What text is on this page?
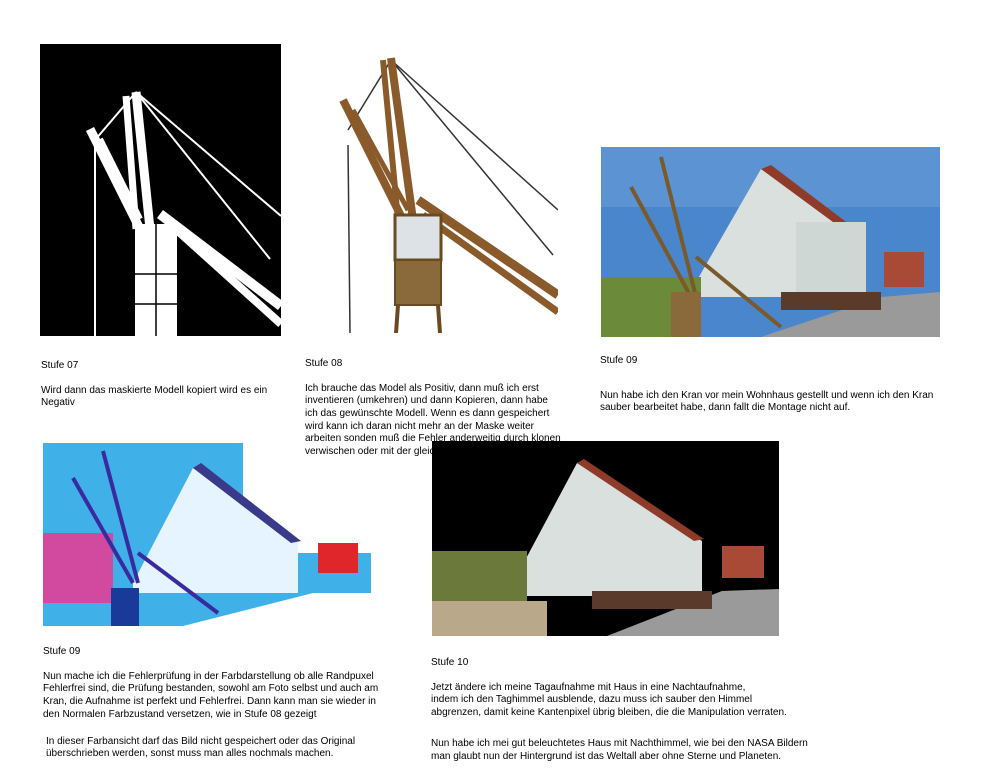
Stufe 07

Wird dann das maskierte Modell kopiert wird es ein
Negativ

Stufe 08

Ich brauche das Model als Positiv, dann muß ich erst
inventieren (umkehren) und dann Kopieren, dann habe
ich das gewünschte Modell. Wenn es dann gespeichert
wird kann ich daran nicht mehr an der Maske weiter
arbeiten sonden muß die Fehler anderweitig durch klonen
verwischen oder mit der gleichen Farbe füllen.

Stufe 09

Nun habe ich den Kran vor mein Wohnhaus gestellt und wenn ich den Kran
sauber bearbeitet habe, dann fallt die Montage nicht auf.

Stufe 09

Nun mache ich die Fehlerprüfung in der Farbdarstellung ob alle Randpuxel
Fehlerfrei sind, die Prüfung bestanden, sowohl am Foto selbst und auch am
Kran, die Aufnahme ist perfekt und Fehlerfrei. Dann kann man sie wieder in
den Normalen Farbzustand versetzen, wie in Stufe 08 gezeigt

In dieser Farbansicht darf das Bild nicht gespeichert oder das Original
überschrieben werden, sonst muss man alles nochmals machen.

Stufe 10

Jetzt ändere ich meine Tagaufnahme mit Haus in eine Nachtaufnahme,
indem ich den Taghimmel ausblende, dazu muss ich sauber den Himmel
abgrenzen, damit keine Kantenpixel übrig bleiben, die die Manipulation verraten.

Nun habe ich mei gut beleuchtetes Haus mit Nachthimmel, wie bei den NASA Bildern
man glaubt nun der Hintergrund ist das Weltall aber ohne Sterne und Planeten.
